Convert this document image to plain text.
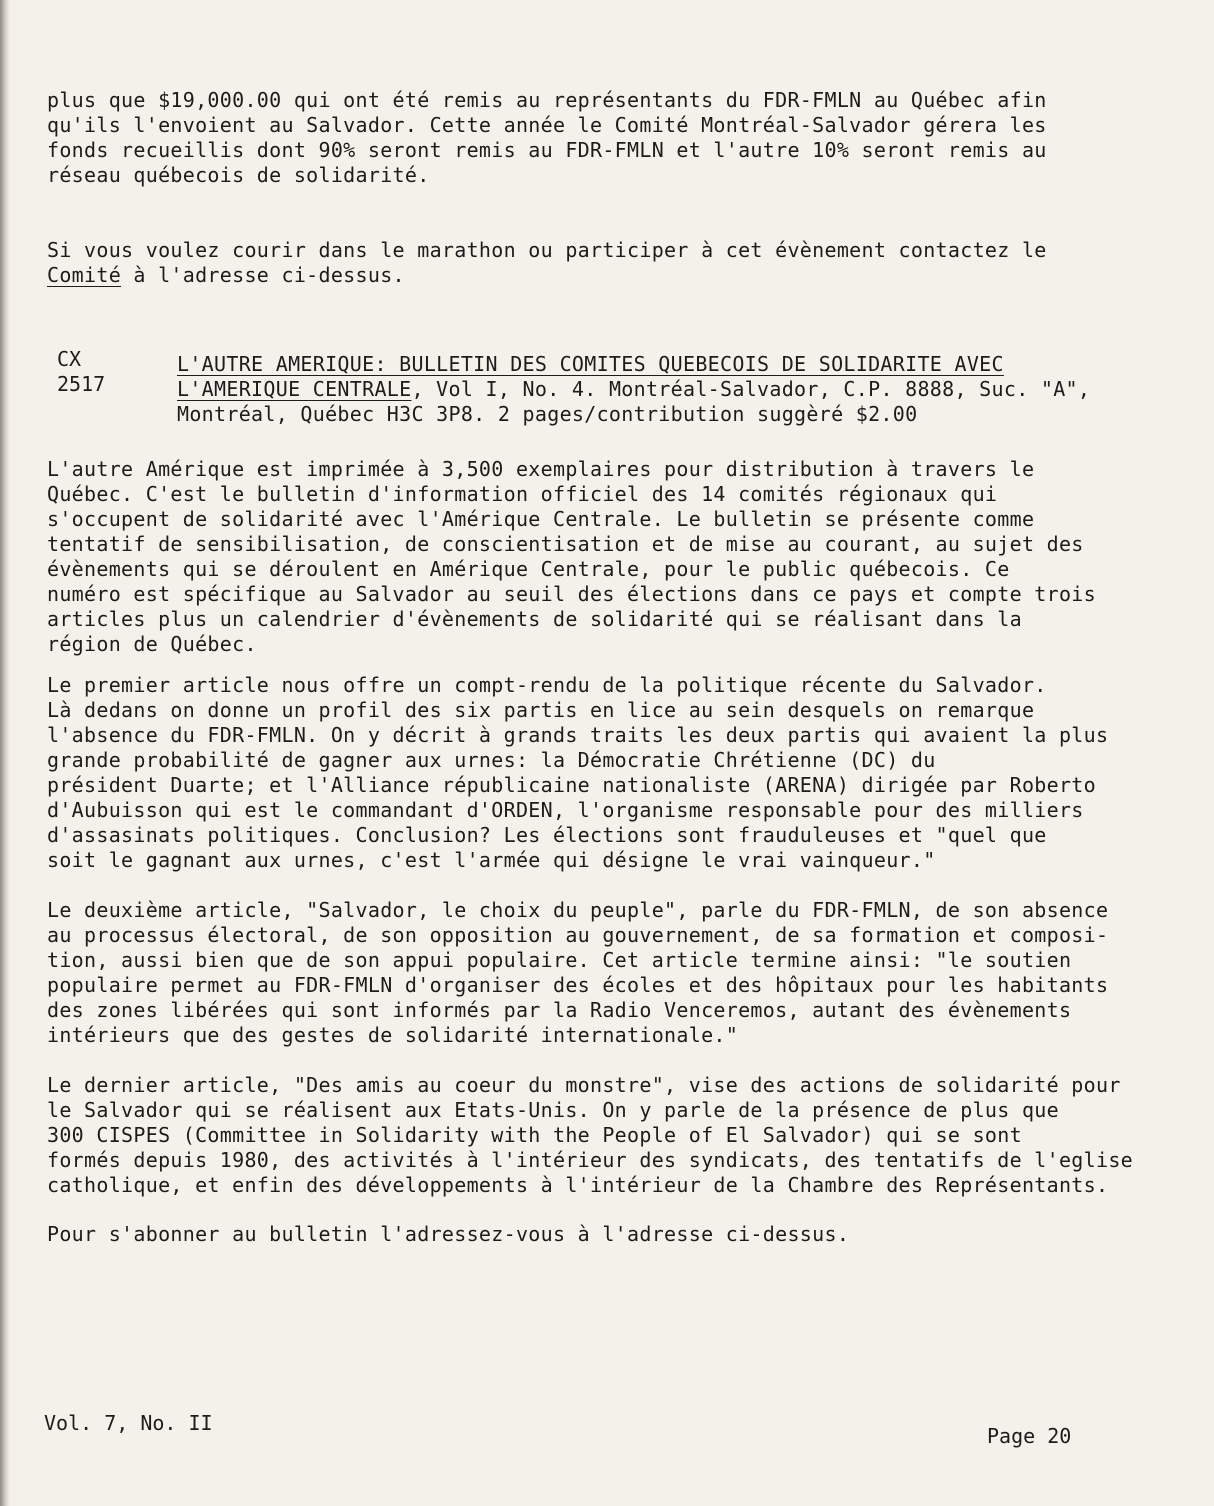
plus que $19,000.00 qui ont été remis au représentants du FDR-FMLN au Québec afin
qu'ils l'envoient au Salvador. Cette année le Comité Montréal-Salvador gérera les
fonds recueillis dont 90% seront remis au FDR-FMLN et l'autre 10% seront remis au
réseau québecois de solidarité.

Si vous voulez courir dans le marathon ou participer à cet évènement contactez le
Comité à l'adresse ci-dessus.

CX
2517

L'AUTRE AMERIQUE: BULLETIN DES COMITES QUEBECOIS DE SOLIDARITE AVEC
L'AMERIQUE CENTRALE, Vol I, No. 4. Montréal-Salvador, C.P. 8888, Suc. "A",
Montréal, Québec H3C 3P8. 2 pages/contribution suggèré $2.00

L'autre Amérique est imprimée à 3,500 exemplaires pour distribution à travers le
Québec. C'est le bulletin d'information officiel des 14 comités régionaux qui
s'occupent de solidarité avec l'Amérique Centrale. Le bulletin se présente comme
tentatif de sensibilisation, de conscientisation et de mise au courant, au sujet des
évènements qui se déroulent en Amérique Centrale, pour le public québecois. Ce
numéro est spécifique au Salvador au seuil des élections dans ce pays et compte trois
articles plus un calendrier d'évènements de solidarité qui se réalisant dans la
région de Québec.

Le premier article nous offre un compt-rendu de la politique récente du Salvador.
Là dedans on donne un profil des six partis en lice au sein desquels on remarque
l'absence du FDR-FMLN. On y décrit à grands traits les deux partis qui avaient la plus
grande probabilité de gagner aux urnes: la Démocratie Chrétienne (DC) du
président Duarte; et l'Alliance républicaine nationaliste (ARENA) dirigée par Roberto
d'Aubuisson qui est le commandant d'ORDEN, l'organisme responsable pour des milliers
d'assasinats politiques. Conclusion? Les élections sont frauduleuses et "quel que
soit le gagnant aux urnes, c'est l'armée qui désigne le vrai vainqueur."

Le deuxième article, "Salvador, le choix du peuple", parle du FDR-FMLN, de son absence
au processus électoral, de son opposition au gouvernement, de sa formation et composi-
tion, aussi bien que de son appui populaire. Cet article termine ainsi: "le soutien
populaire permet au FDR-FMLN d'organiser des écoles et des hôpitaux pour les habitants
des zones libérées qui sont informés par la Radio Venceremos, autant des évènements
intérieurs que des gestes de solidarité internationale."

Le dernier article, "Des amis au coeur du monstre", vise des actions de solidarité pour
le Salvador qui se réalisent aux Etats-Unis. On y parle de la présence de plus que
300 CISPES (Committee in Solidarity with the People of El Salvador) qui se sont
formés depuis 1980, des activités à l'intérieur des syndicats, des tentatifs de l'eglise
catholique, et enfin des développements à l'intérieur de la Chambre des Représentants.

Pour s'abonner au bulletin l'adressez-vous à l'adresse ci-dessus.

Vol. 7, No. II
Page 20
